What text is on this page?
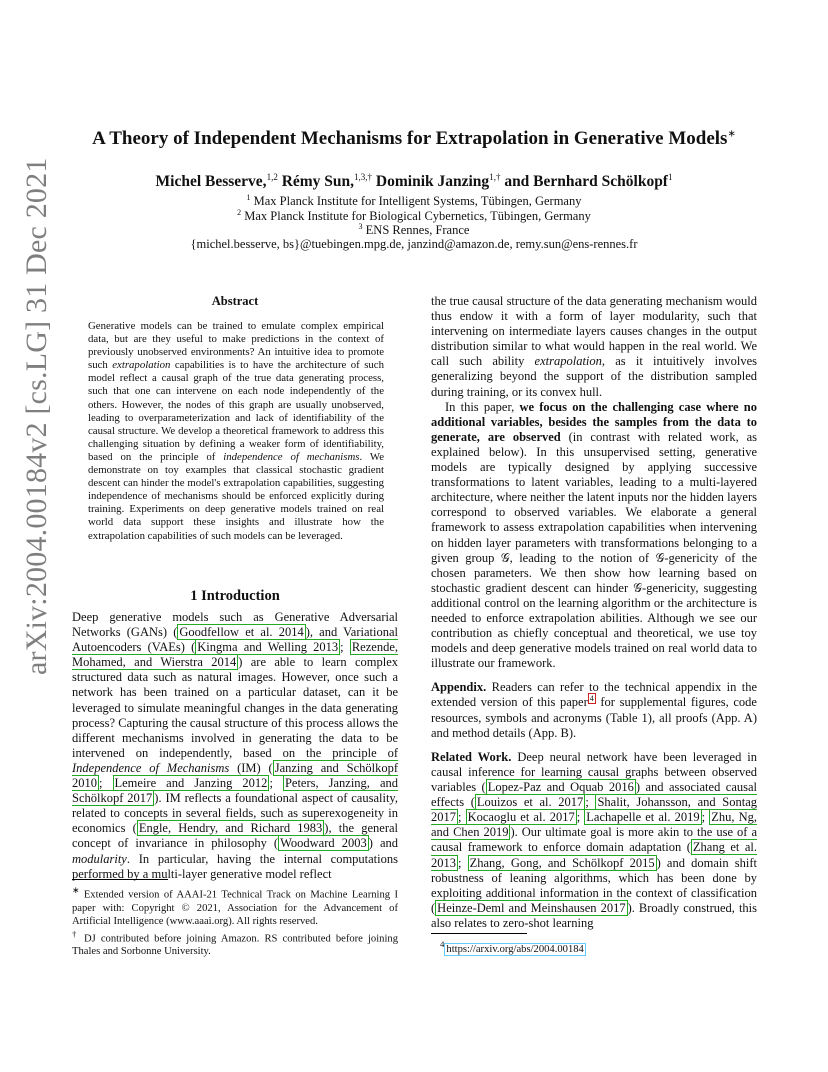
arXiv:2004.00184v2 [cs.LG] 31 Dec 2021
A Theory of Independent Mechanisms for Extrapolation in Generative Models∗
Michel Besserve,$^{1,2}$ Rémy Sun,$^{1,3,\dagger}$ Dominik Janzing$^{1,\dagger}$ and Bernhard Schölkopf$^1$
$^1$ Max Planck Institute for Intelligent Systems, Tübingen, Germany
$^2$ Max Planck Institute for Biological Cybernetics, Tübingen, Germany
$^3$ ENS Rennes, France
{michel.besserve, bs}@tuebingen.mpg.de, janzind@amazon.de, remy.sun@ens-rennes.fr
Abstract
Generative models can be trained to emulate complex empirical data, but are they useful to make predictions in the context of previously unobserved environments? An intuitive idea to promote such extrapolation capabilities is to have the architecture of such model reflect a causal graph of the true data generating process, such that one can intervene on each node independently of the others. However, the nodes of this graph are usually unobserved, leading to overparameterization and lack of identifiability of the causal structure. We develop a theoretical framework to address this challenging situation by defining a weaker form of identifiability, based on the principle of independence of mechanisms. We demonstrate on toy examples that classical stochastic gradient descent can hinder the model's extrapolation capabilities, suggesting independence of mechanisms should be enforced explicitly during training. Experiments on deep generative models trained on real world data support these insights and illustrate how the extrapolation capabilities of such models can be leveraged.
1 Introduction

Deep generative models such as Generative Adversarial Networks (GANs) ( Goodfellow et al. 2014 ), and Variational Autoencoders (VAEs) ( Kingma and Welling 2013 ; Rezende, Mohamed, and Wierstra 2014 ) are able to learn complex structured data such as natural images. However, once such a network has been trained on a particular dataset, can it be leveraged to simulate meaningful changes in the data generating process? Capturing the causal structure of this process allows the different mechanisms involved in generating the data to be intervened on independently, based on the principle of Independence of Mechanisms (IM) ( Janzing and Schölkopf 2010 ; Lemeire and Janzing 2012 ; Peters, Janzing, and Schölkopf 2017 ). IM reflects a foundational aspect of causality, related to concepts in several fields, such as superexogeneity in economics ( Engle, Hendry, and Richard 1983 ), the general concept of invariance in philosophy ( Woodward 2003 ) and modularity. In particular, having the internal computations performed by a multi-layer generative model reflect

∗ Extended version of AAAI-21 Technical Track on Machine Learning I paper with: Copyright © 2021, Association for the Advancement of Artificial Intelligence (www.aaai.org). All rights reserved.

† DJ contributed before joining Amazon. RS contributed before joining Thales and Sorbonne University.

the true causal structure of the data generating mechanism would thus endow it with a form of layer modularity, such that intervening on intermediate layers causes changes in the output distribution similar to what would happen in the real world. We call such ability extrapolation, as it intuitively involves generalizing beyond the support of the distribution sampled during training, or its convex hull.

In this paper, we focus on the challenging case where no additional variables, besides the samples from the data to generate, are observed (in contrast with related work, as explained below). In this unsupervised setting, generative models are typically designed by applying successive transformations to latent variables, leading to a multi-layered architecture, where neither the latent inputs nor the hidden layers correspond to observed variables. We elaborate a general framework to assess extrapolation capabilities when intervening on hidden layer parameters with transformations belonging to a given group 𝒢, leading to the notion of 𝒢-genericity of the chosen parameters. We then show how learning based on stochastic gradient descent can hinder 𝒢-genericity, suggesting additional control on the learning algorithm or the architecture is needed to enforce extrapolation abilities. Although we see our contribution as chiefly conceptual and theoretical, we use toy models and deep generative models trained on real world data to illustrate our framework.

Appendix. Readers can refer to the technical appendix in the extended version of this paper $^4$ for supplemental figures, code resources, symbols and acronyms (Table 1), all proofs (App. A) and method details (App. B).

Related Work. Deep neural network have been leveraged in causal inference for learning causal graphs between observed variables ( Lopez-Paz and Oquab 2016 ) and associated causal effects ( Louizos et al. 2017 ; Shalit, Johansson, and Sontag 2017 ; Kocaoglu et al. 2017 ; Lachapelle et al. 2019 ; Zhu, Ng, and Chen 2019 ). Our ultimate goal is more akin to the use of a causal framework to enforce domain adaptation ( Zhang et al. 2013 ; Zhang, Gong, and Schölkopf 2015 ) and domain shift robustness of leaning algorithms, which has been done by exploiting additional information in the context of classification ( Heinze-Deml and Meinshausen 2017 ). Broadly construed, this also relates to zero-shot learning

$^4$ https://arxiv.org/abs/2004.00184
